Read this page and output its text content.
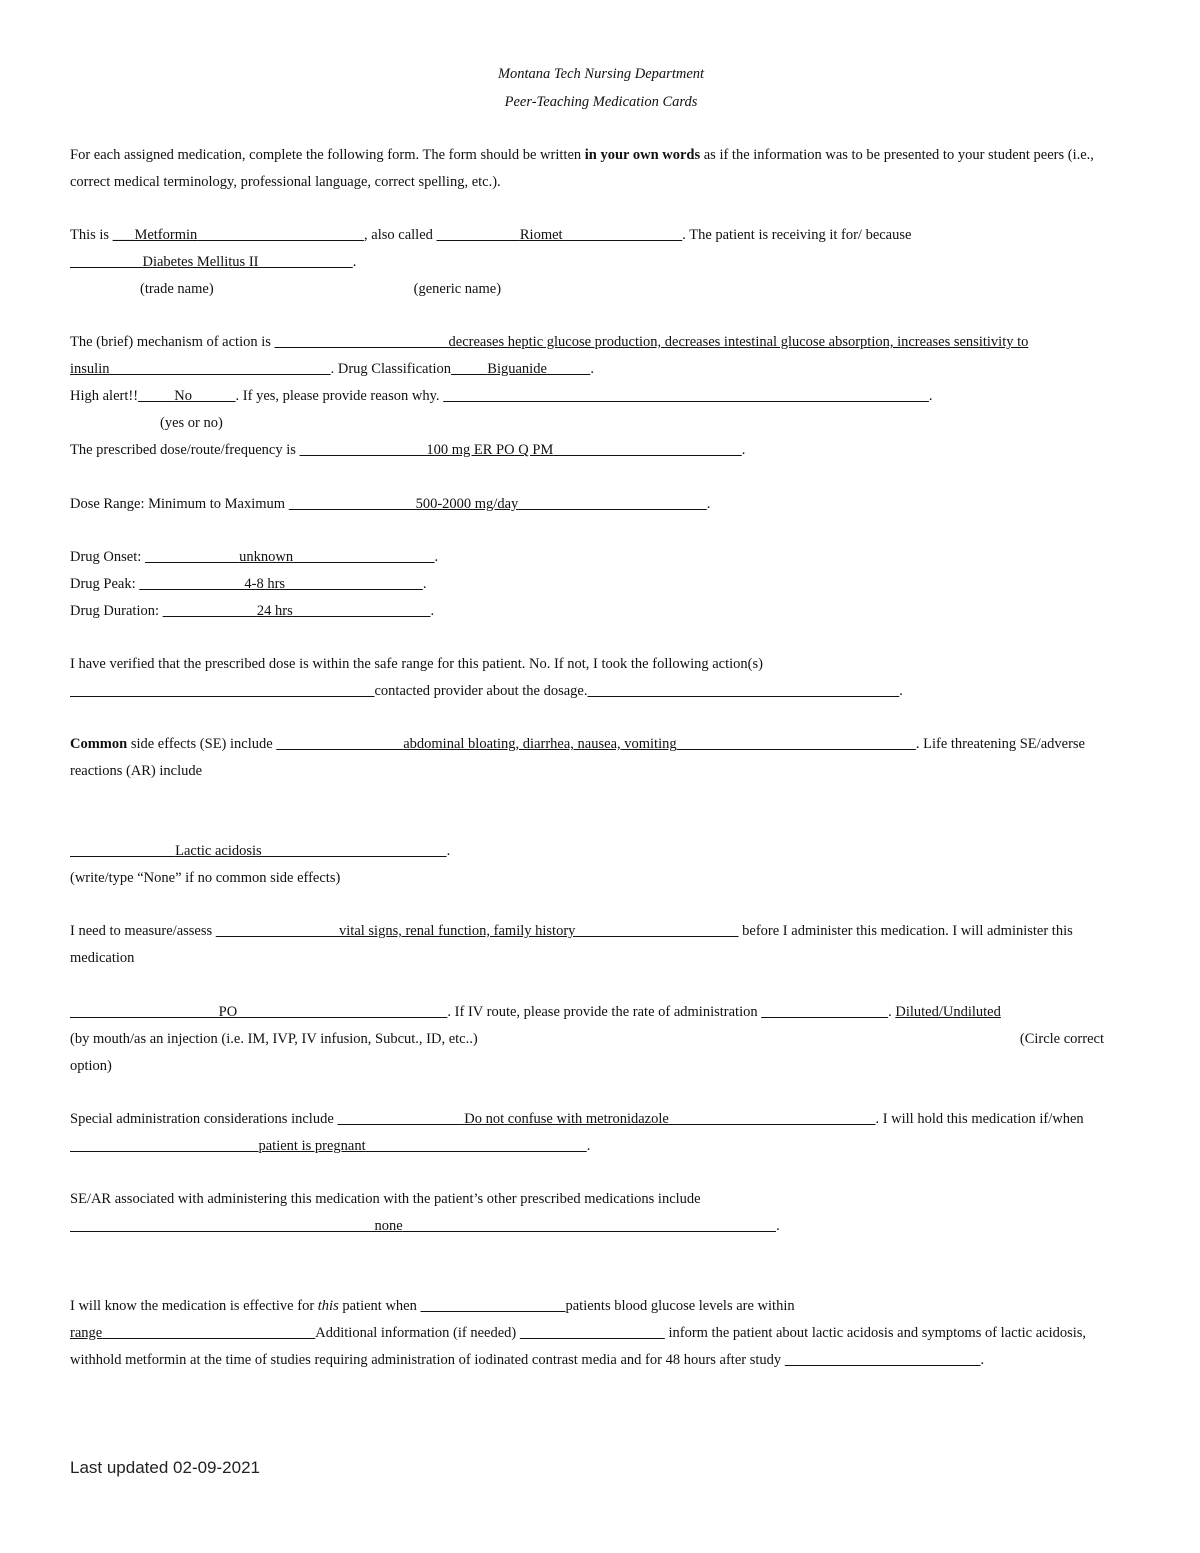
Montana Tech Nursing Department
Peer-Teaching Medication Cards
For each assigned medication, complete the following form. The form should be written in your own words as if the information was to be presented to your student peers (i.e., correct medical terminology, professional language, correct spelling, etc.).
This is ___Metformin	, also called	Riomet	. The patient is receiving it for/ because
Diabetes Mellitus II	.
(trade name)	(generic name)
The (brief) mechanism of action is	decreases heptic glucose production, decreases intestinal glucose absorption, increases sensitivity to
insulin	. Drug Classification	Biguanide	.
High alert!!	No	. If yes, please provide reason why.	.
(yes or no)
The prescribed dose/route/frequency is	100 mg ER PO Q PM	.
Dose Range: Minimum to Maximum	500-2000 mg/day	.
Drug Onset:	unknown	.
Drug Peak:	4-8 hrs	.
Drug Duration:	24 hrs	.
I have verified that the prescribed dose is within the safe range for this patient. No. If not, I took the following action(s)
contacted provider about the dosage.	.
Common side effects (SE) include	abdominal bloating, diarrhea, nausea, vomiting	. Life threatening SE/adverse reactions (AR) include
Lactic acidosis	.
(write/type “None” if no common side effects)
I need to measure/assess	vital signs, renal function, family history	before I administer this medication. I will administer this medication
PO	. If IV route, please provide the rate of administration	. Diluted/Undiluted
(by mouth/as an injection (i.e. IM, IVP, IV infusion, Subcut., ID, etc..)	(Circle correct
option)
Special administration considerations include	Do not confuse with metronidazole	. I will hold this medication if/when
patient is pregnant	.
SE/AR associated with administering this medication with the patient’s other prescribed medications include
none	.
I will know the medication is effective for this patient when	patients blood glucose levels are within
range	Additional information (if needed)	inform the patient about lactic acidosis and symptoms of lactic acidosis, withhold metformin at the time of studies requiring administration of iodinated contrast media and for 48 hours after study	.
Last updated 02-09-2021
